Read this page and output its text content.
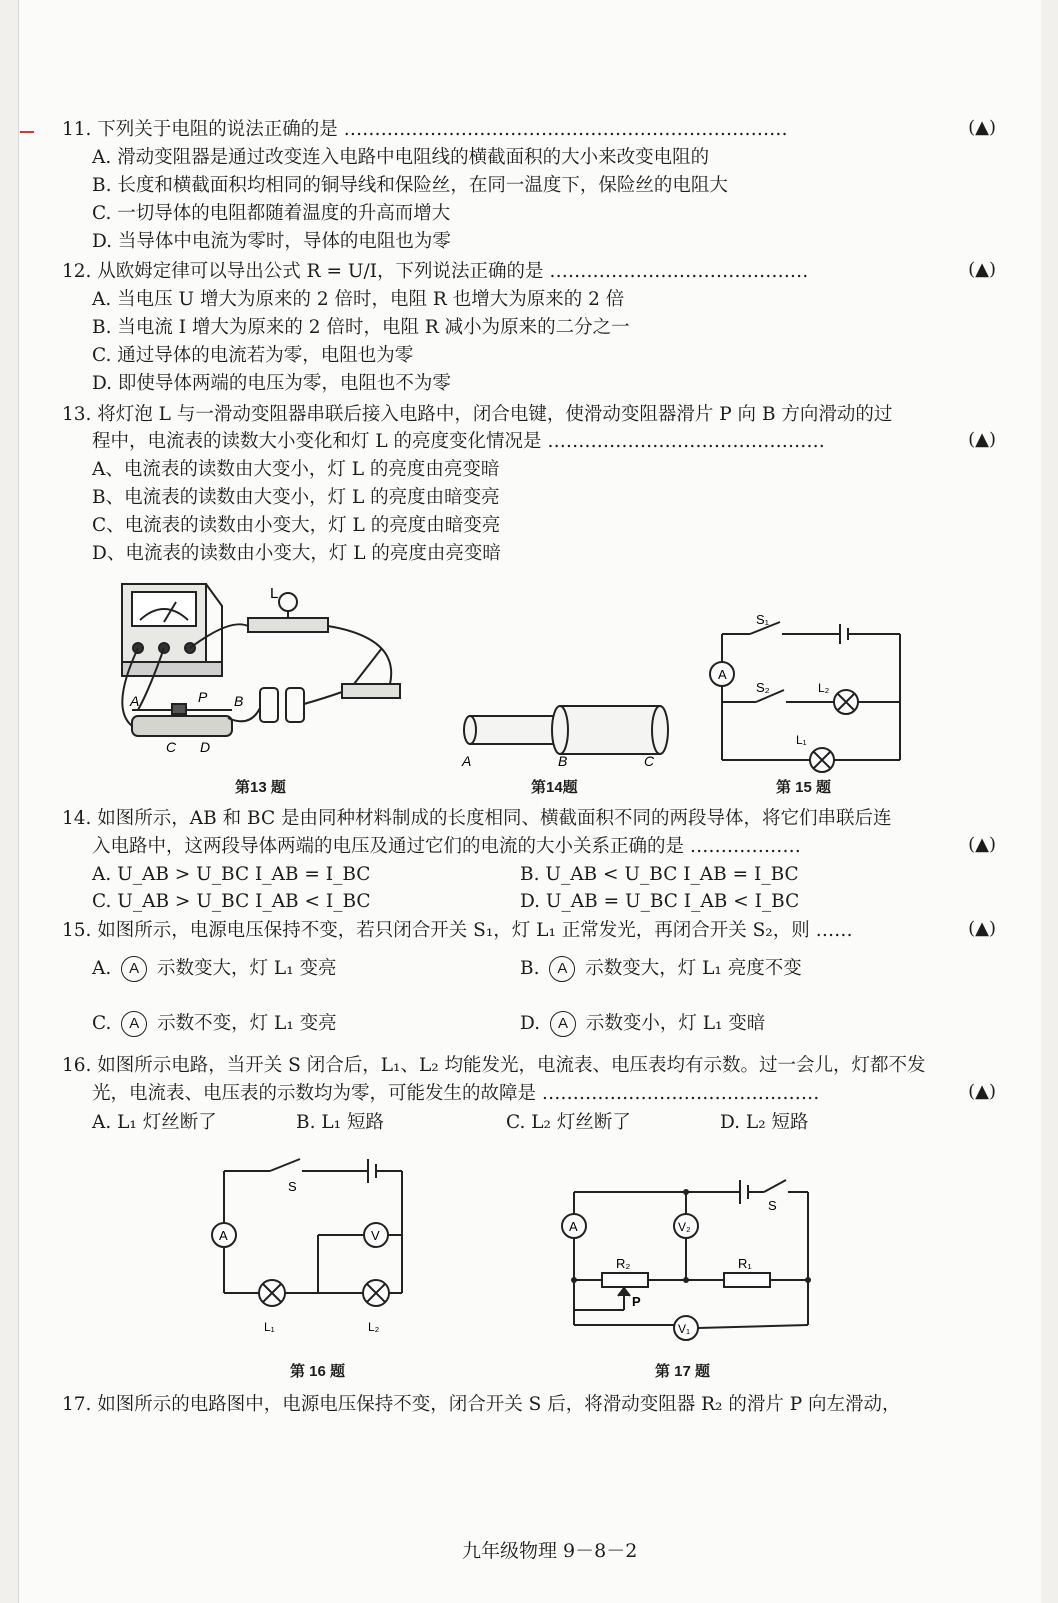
11. 下列关于电阻的说法正确的是 ………………………………………………………………	(▲)
A. 滑动变阻器是通过改变连入电路中电阻线的横截面积的大小来改变电阻的
B. 长度和横截面积均相同的铜导线和保险丝，在同一温度下，保险丝的电阻大
C. 一切导体的电阻都随着温度的升高而增大
D. 当导体中电流为零时，导体的电阻也为零
12. 从欧姆定律可以导出公式 R = U/I，下列说法正确的是 ……………………………………	(▲)
A. 当电压 U 增大为原来的 2 倍时，电阻 R 也增大为原来的 2 倍
B. 当电流 I 增大为原来的 2 倍时，电阻 R 减小为原来的二分之一
C. 通过导体的电流若为零，电阻也为零
D. 即使导体两端的电压为零，电阻也不为零
13. 将灯泡 L 与一滑动变阻器串联后接入电路中，闭合电键，使滑动变阻器滑片 P 向 B 方向滑动的过
程中，电流表的读数大小变化和灯 L 的亮度变化情况是 ………………………………………	(▲)
A、电流表的读数由大变小，灯 L 的亮度由亮变暗
B、电流表的读数由大变小，灯 L 的亮度由暗变亮
C、电流表的读数由小变大，灯 L 的亮度由暗变亮
D、电流表的读数由小变大，灯 L 的亮度由亮变暗
L
P
A	B
C D
第13 题
A	B	C
第14题
A
S₁
S₂	L₂
L₁
第 15 题
14. 如图所示，AB 和 BC 是由同种材料制成的长度相同、横截面积不同的两段导体，将它们串联后连
入电路中，这两段导体两端的电压及通过它们的电流的大小关系正确的是 ………………	(▲)
A. U_AB > U_BC I_AB = I_BC	B. U_AB < U_BC I_AB = I_BC
C. U_AB > U_BC I_AB < I_BC	D. U_AB = U_BC I_AB < I_BC
15. 如图所示，电源电压保持不变，若只闭合开关 S₁，灯 L₁ 正常发光，再闭合开关 S₂，则 ……	(▲)
A. A 示数变大，灯 L₁ 变亮	B. A 示数变大，灯 L₁ 亮度不变
C. A 示数不变，灯 L₁ 变亮	D. A 示数变小，灯 L₁ 变暗
16. 如图所示电路，当开关 S 闭合后，L₁、L₂ 均能发光，电流表、电压表均有示数。过一会儿，灯都不发
光，电流表、电压表的示数均为零，可能发生的故障是 ………………………………………	(▲)
A. L₁ 灯丝断了	B. L₁ 短路	C. L₂ 灯丝断了	D. L₂ 短路
A	V
S
L₁	L₂
第 16 题
A	V₂
V₁
S
R₂	R₁
P
第 17 题
17. 如图所示的电路图中，电源电压保持不变，闭合开关 S 后，将滑动变阻器 R₂ 的滑片 P 向左滑动，
九年级物理 9－8－2
